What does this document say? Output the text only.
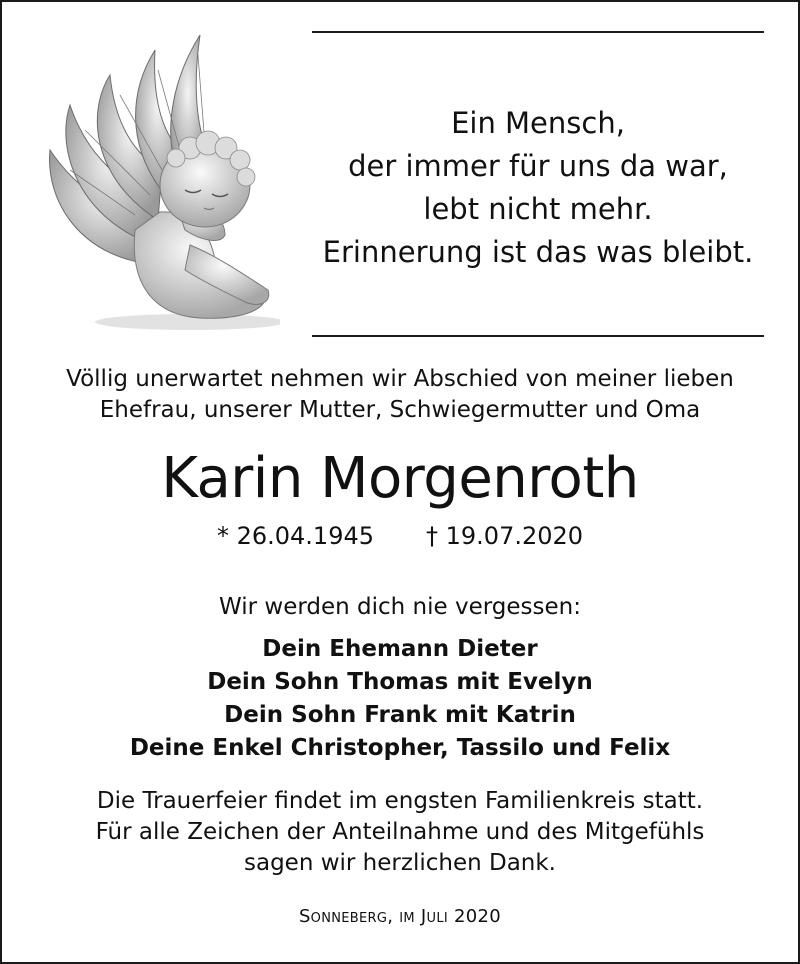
Ein Mensch,
der immer für uns da war,
lebt nicht mehr.
Erinnerung ist das was bleibt.
Völlig unerwartet nehmen wir Abschied von meiner lieben
Ehefrau, unserer Mutter, Schwiegermutter und Oma
Karin Morgenroth
* 26.04.1945 † 19.07.2020
Wir werden dich nie vergessen:
Dein Ehemann Dieter
Dein Sohn Thomas mit Evelyn
Dein Sohn Frank mit Katrin
Deine Enkel Christopher, Tassilo und Felix
Die Trauerfeier findet im engsten Familienkreis statt.
Für alle Zeichen der Anteilnahme und des Mitgefühls
sagen wir herzlichen Dank.
Sonneberg, im Juli 2020
